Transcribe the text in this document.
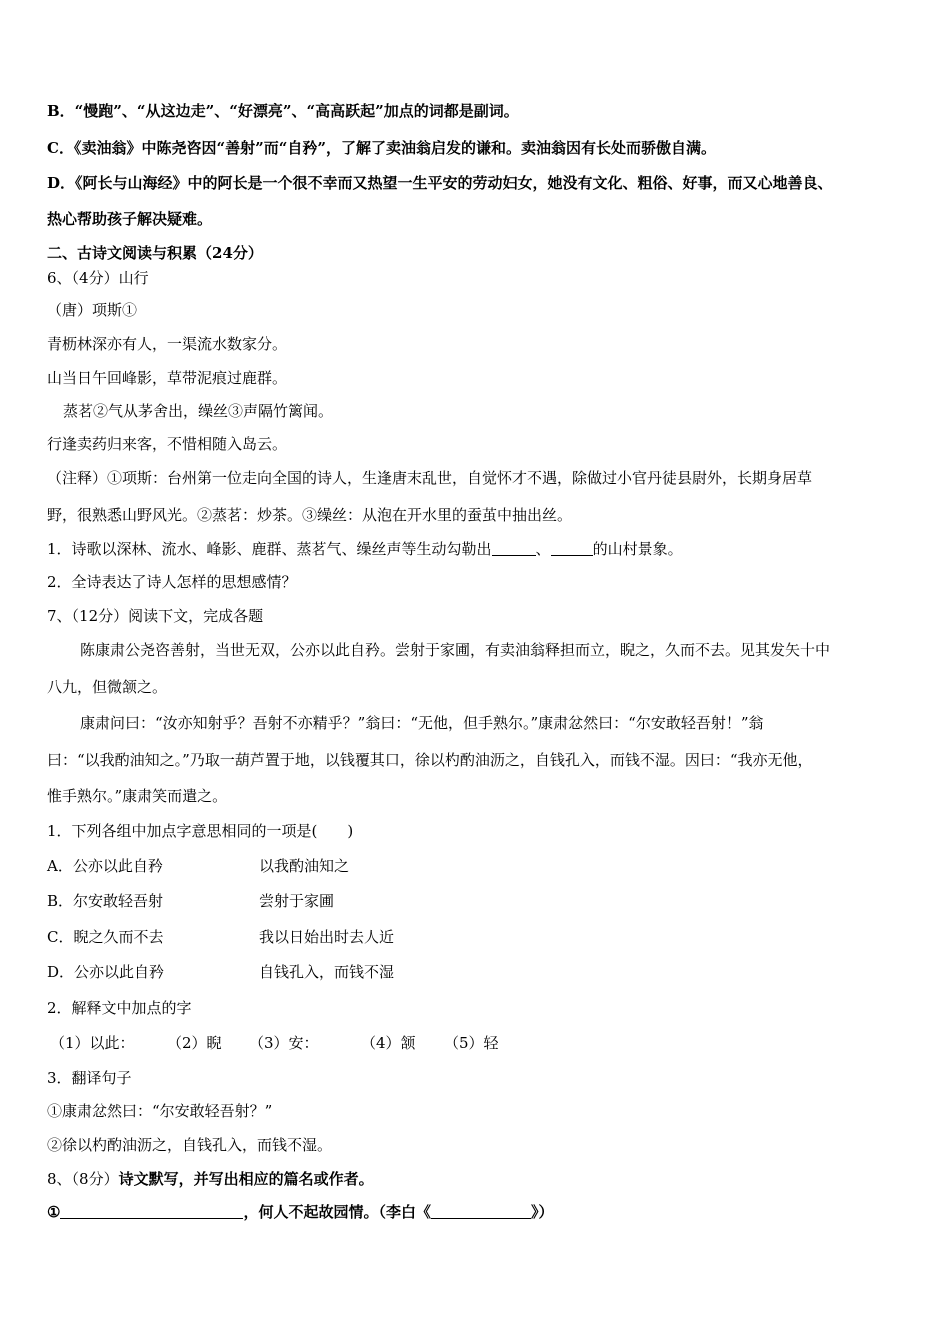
B．“慢跑”、“从这边走”、“好漂亮”、“高高跃起”加点的词都是副词。
C．《卖油翁》中陈尧咨因“善射”而“自矜”，了解了卖油翁启发的谦和。卖油翁因有长处而骄傲自满。
D．《阿长与山海经》中的阿长是一个很不幸而又热望一生平安的劳动妇女，她没有文化、粗俗、好事，而又心地善良、
热心帮助孩子解决疑难。
二、古诗文阅读与积累（24分）
6、（4分）山行
（唐）项斯①
青枥林深亦有人，一渠流水数家分。
山当日午回峰影，草带泥痕过鹿群。
蒸茗②气从茅舍出，缲丝③声隔竹篱闻。
行逢卖药归来客，不惜相随入岛云。
（注释）①项斯：台州第一位走向全国的诗人，生逢唐末乱世，自觉怀才不遇，除做过小官丹徒县尉外，长期身居草
野，很熟悉山野风光。②蒸茗：炒茶。③缲丝：从泡在开水里的蚕茧中抽出丝。
1．诗歌以深林、流水、峰影、鹿群、蒸茗气、缲丝声等生动勾勒出	、	的山村景象。
2．全诗表达了诗人怎样的思想感情？
7、（12分）阅读下文，完成各题
陈康肃公尧咨善射，当世无双，公亦以此自矜。尝射于家圃，有卖油翁释担而立，睨之，久而不去。见其发矢十中
八九，但微颔之。
康肃问曰：“汝亦知射乎？吾射不亦精乎？”翁曰：“无他，但手熟尔。”康肃忿然曰：“尔安敢轻吾射！”翁
曰：“以我酌油知之。”乃取一葫芦置于地，以钱覆其口，徐以杓酌油沥之，自钱孔入，而钱不湿。因曰：“我亦无他，
惟手熟尔。”康肃笑而遣之。
1．下列各组中加点字意思相同的一项是(　　)
A．公亦以此自矜	以我酌油知之
B．尔安敢轻吾射	尝射于家圃
C．睨之久而不去	我以日始出时去人近
D．公亦以此自矜	自钱孔入，而钱不湿
2．解释文中加点的字
（1）以此： （2）睨 （3）安：	（4）颔 （5）轻
3．翻译句子
①康肃忿然曰：“尔安敢轻吾射？”
②徐以杓酌油沥之，自钱孔入，而钱不湿。
8、（8分）诗文默写，并写出相应的篇名或作者。
①	，何人不起故园情。（李白《	》）
